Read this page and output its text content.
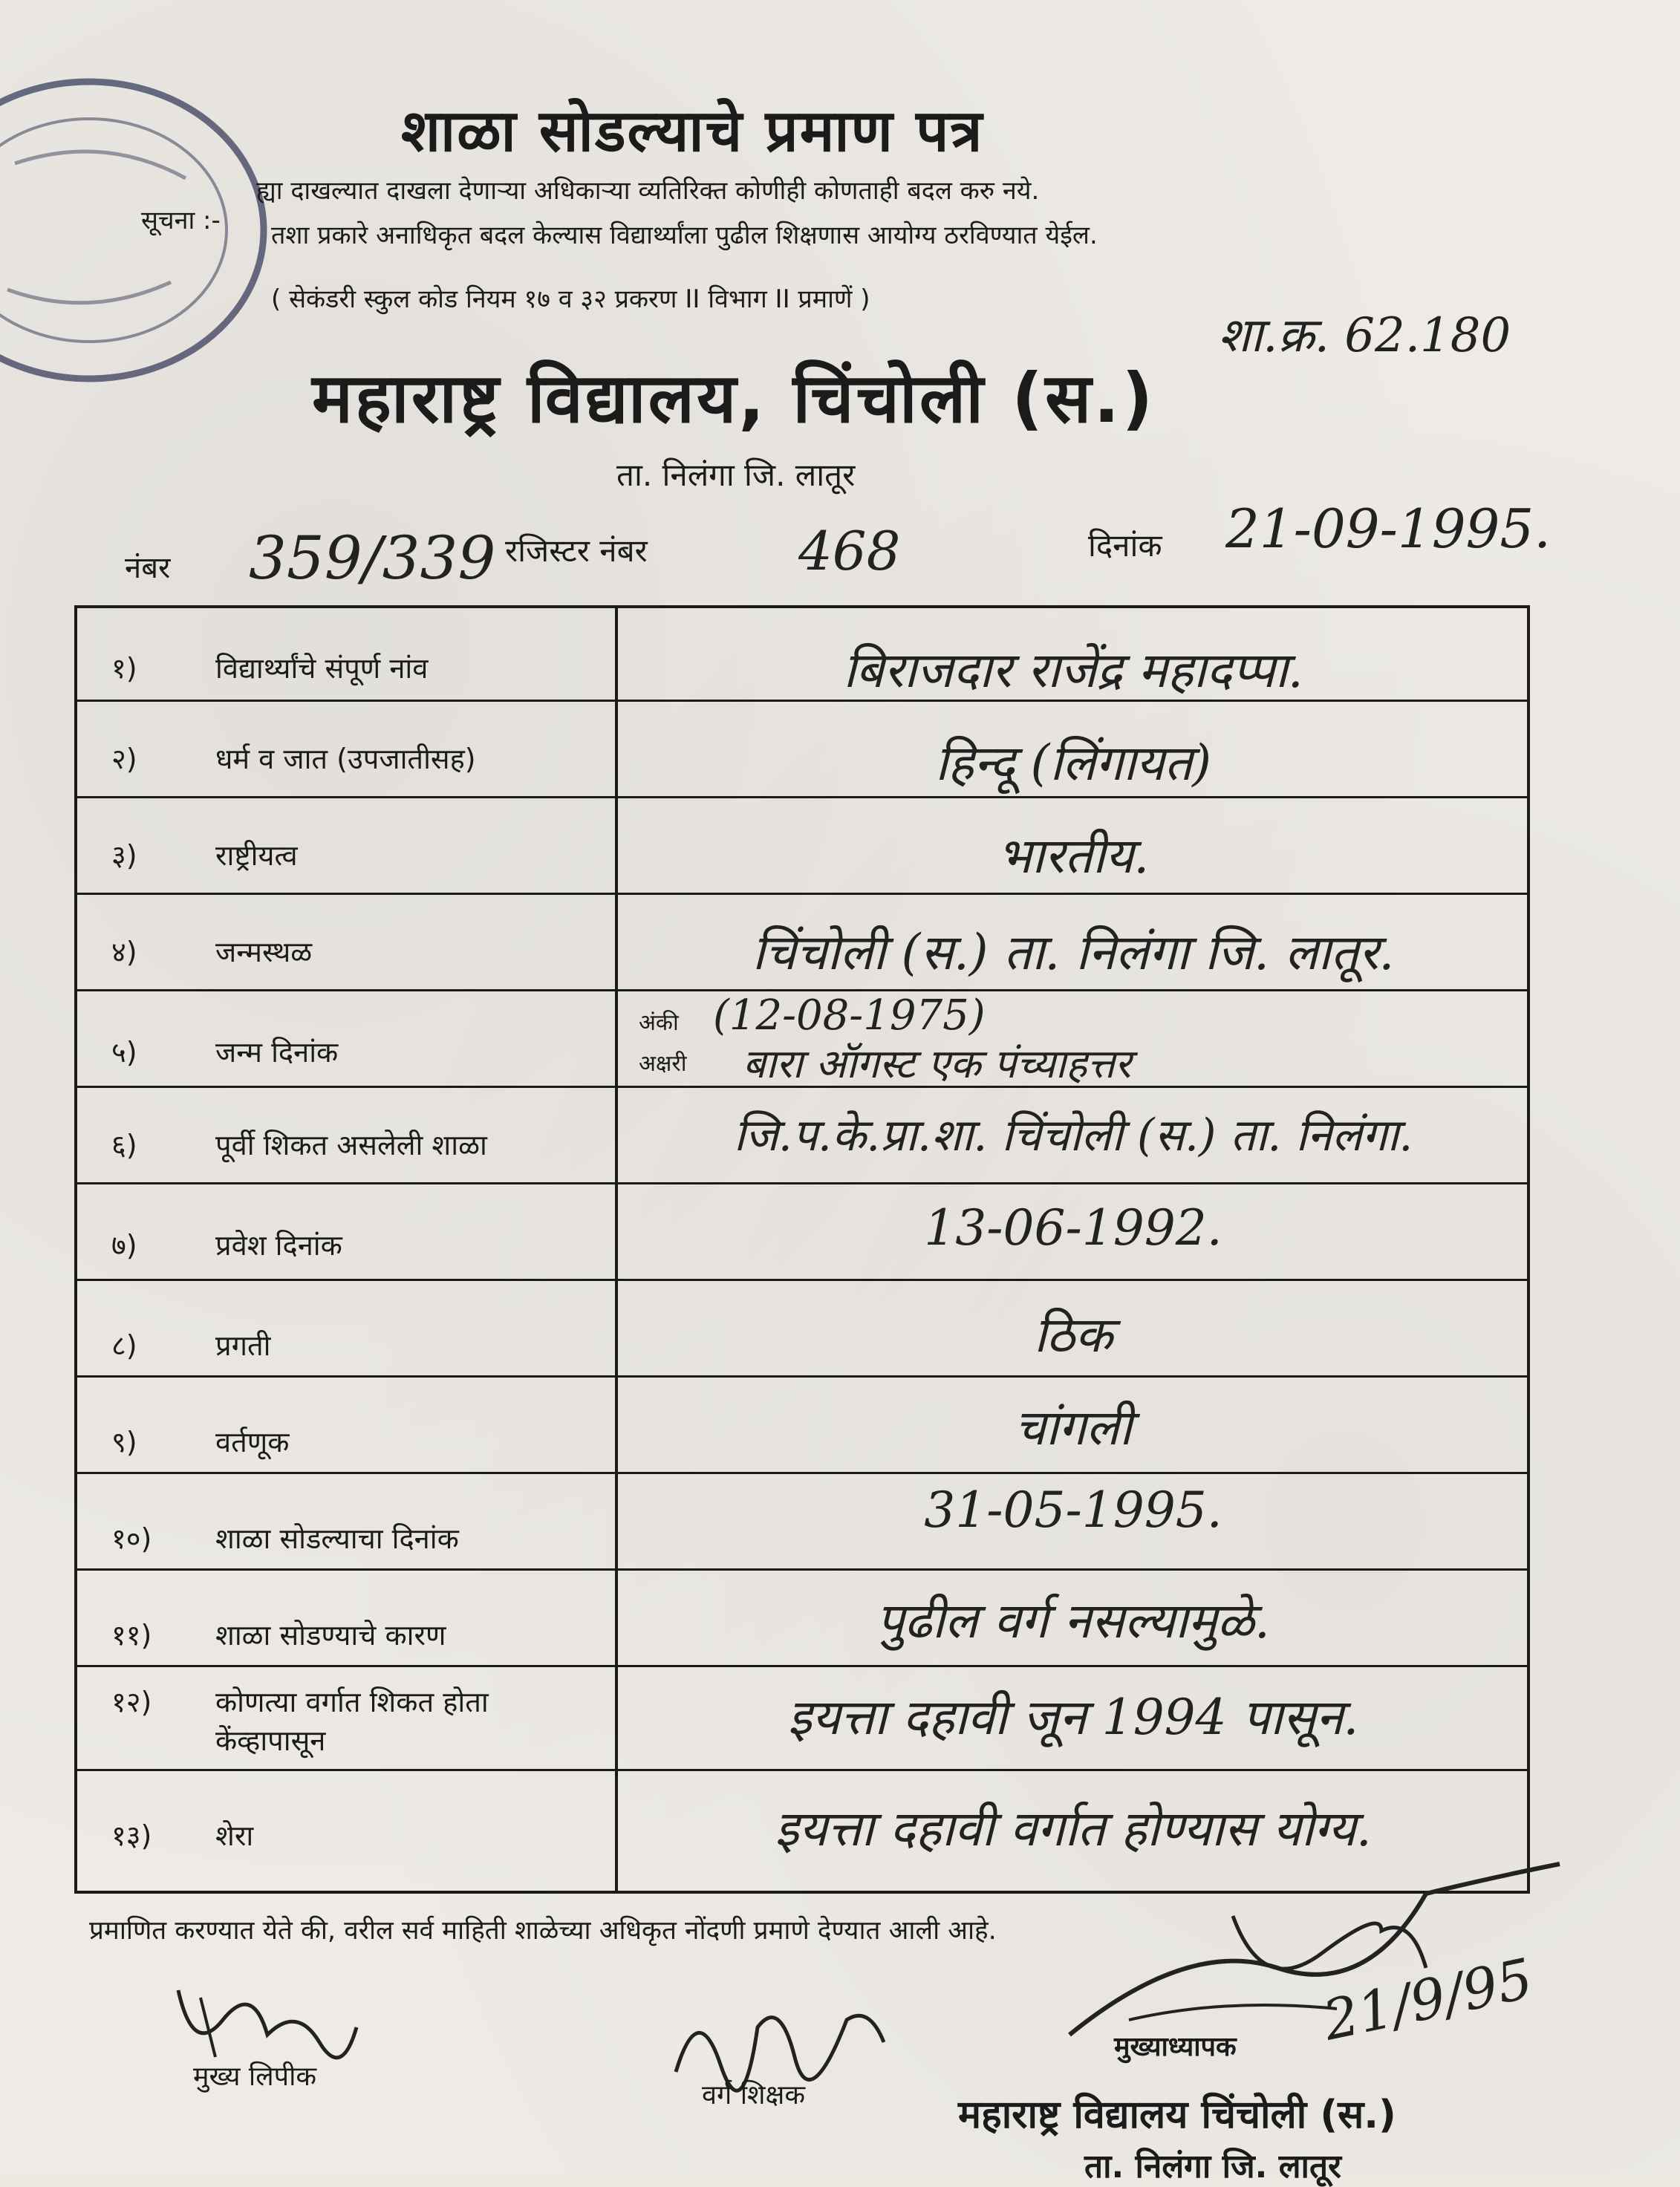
शाळा सोडल्याचे प्रमाण पत्र
सूचना :-
ह्या दाखल्यात दाखला देणाऱ्या अधिकाऱ्या व्यतिरिक्त कोणीही कोणताही बदल करु नये.
तशा प्रकारे अनाधिकृत बदल केल्यास विद्यार्थ्यांला पुढील शिक्षणास आयोग्य ठरविण्यात येईल.
( सेकंडरी स्कुल कोड नियम १७ व ३२ प्रकरण II विभाग II प्रमाणें )
शा.क्र. 62.180
महाराष्ट्र विद्यालय, चिंचोली (स.)
ता. निलंगा जि. लातूर
नंबर 359/339 रजिस्टर नंबर	468	दिनांक 21-09-1995.
१)	विद्यार्थ्यांचे संपूर्ण नांव	बिराजदार राजेंद्र महादप्पा.
२)	धर्म व जात (उपजातीसह)	हिन्दू (लिंगायत)
३)	राष्ट्रीयत्व	भारतीय.
४)	जन्मस्थळ	चिंचोली (स.) ता. निलंगा जि. लातूर.
५)	जन्म दिनांक
अंकी (12-08-1975)
अक्षरी बारा ऑगस्ट एक पंच्याहत्तर
६)	पूर्वी शिकत असलेली शाळा	जि.प.के.प्रा.शा. चिंचोली (स.) ता. निलंगा.
७)	प्रवेश दिनांक	13-06-1992.
८)	प्रगती	ठिक
९)	वर्तणूक	चांगली
१०) शाळा सोडल्याचा दिनांक	31-05-1995.
११) शाळा सोडण्याचे कारण	पुढील वर्ग नसल्यामुळे.
१२) कोणत्या वर्गात शिकत होता
केंव्हापासून	इयत्ता दहावी जून 1994 पासून.
१३) शेरा	इयत्ता दहावी वर्गात होण्यास योग्य.
प्रमाणित करण्यात येते की, वरील सर्व माहिती शाळेच्या अधिकृत नोंदणी प्रमाणे देण्यात आली आहे.
मुख्य लिपीक
वर्ग शिक्षक
21/9/95
मुख्याध्यापक
महाराष्ट्र विद्यालय चिंचोली (स.)
ता. निलंगा जि. लातूर
